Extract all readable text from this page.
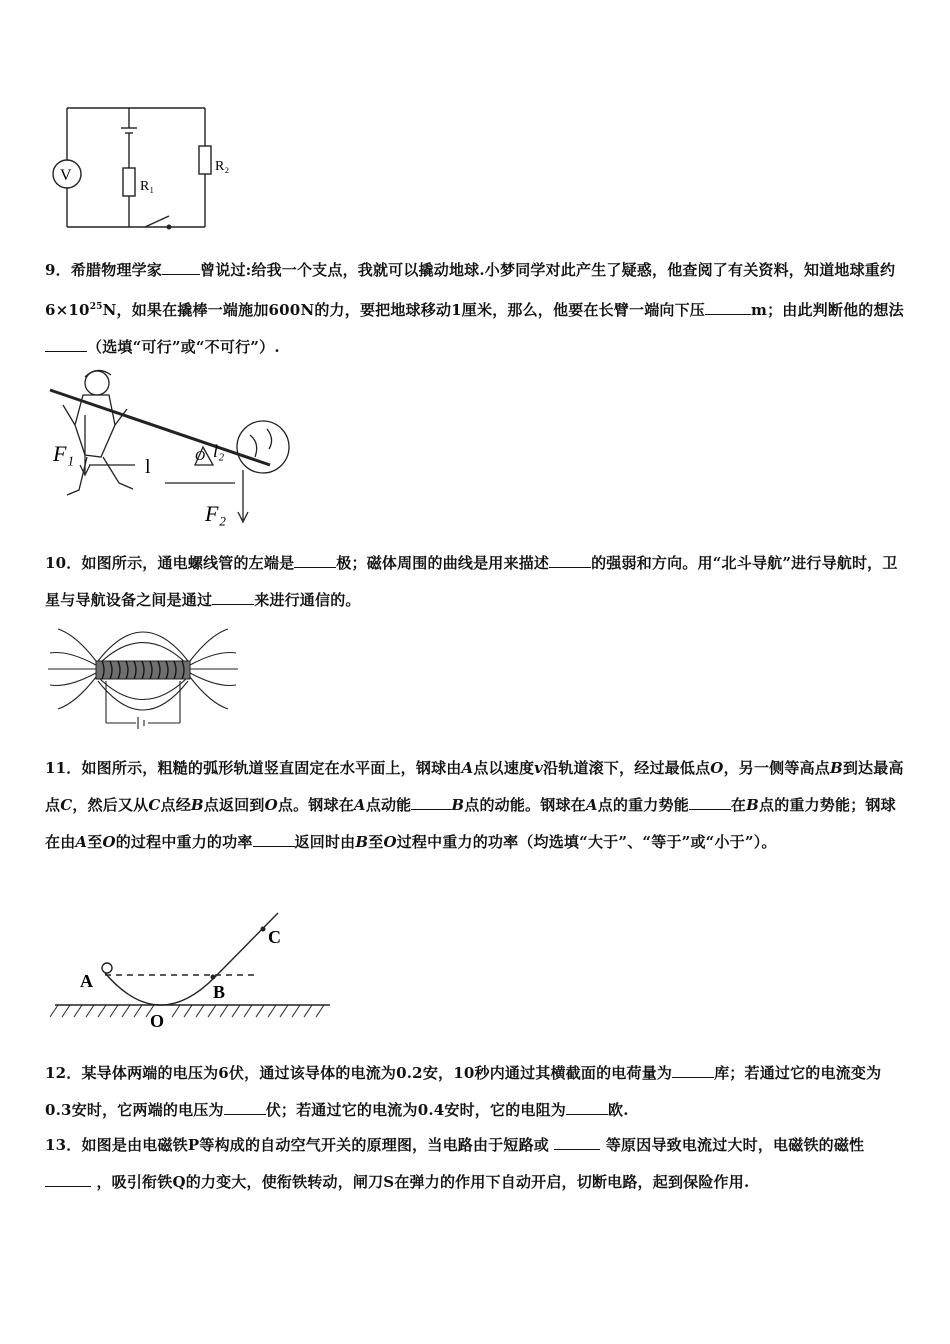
V
R₁
R₂

9．希腊物理学家	曾说过:给我一个支点，我就可以撬动地球.小梦同学对此产生了疑惑，他查阅了有关资料，知道地球重约$6\times 10^{25}N$，如果在撬棒一端施加600N的力，要把地球移动1厘米，那么，他要在长臂一端向下压	m；由此判断他的想法（选填“可行”或“不可行”）.

F₁
l	O l₂
F₂

10．如图所示，通电螺线管的左端是	极；磁体周围的曲线是用来描述	的强弱和方向。用“北斗导航”进行导航时，卫星与导航设备之间是通过	来进行通信的。

11．如图所示，粗糙的弧形轨道竖直固定在水平面上，钢球由A点以速度v沿轨道滚下，经过最低点O，另一侧等高点B到达最高点C，然后又从C点经B点返回到O点。钢球在A点动能	B点的动能。钢球在A点的重力势能	在B点的重力势能；钢球在由A至O的过程中重力的功率	返回时由B至O过程中重力的功率（均选填“大于”、“等于”或“小于”）。

A
B
C
O

12．某导体两端的电压为6伏，通过该导体的电流为0.2安，10秒内通过其横截面的电荷量为	库；若通过它的电流变为0.3安时，它两端的电压为	伏；若通过它的电流为0.4安时，它的电阻为	欧.

13．如图是由电磁铁P等构成的自动空气开关的原理图，当电路由于短路或	等原因导致电流过大时，电磁铁的磁性  ，吸引衔铁Q的力变大，使衔铁转动，闸刀S在弹力的作用下自动开启，切断电路，起到保险作用.
